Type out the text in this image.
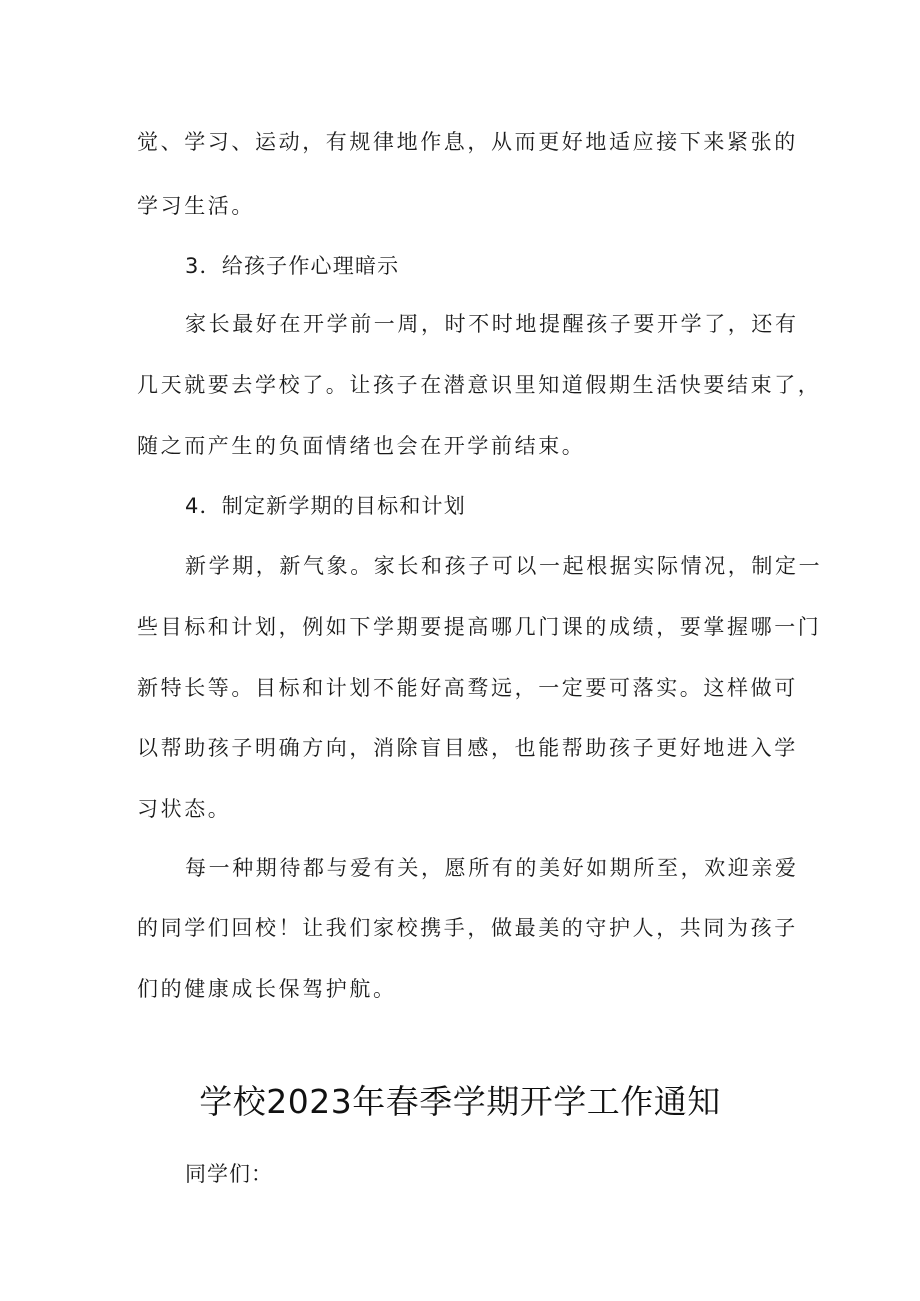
觉、学习、运动，有规律地作息，从而更好地适应接下来紧张的
学习生活。
3．给孩子作心理暗示
家长最好在开学前一周，时不时地提醒孩子要开学了，还有
几天就要去学校了。让孩子在潜意识里知道假期生活快要结束了，
随之而产生的负面情绪也会在开学前结束。
4．制定新学期的目标和计划
新学期，新气象。家长和孩子可以一起根据实际情况，制定一
些目标和计划，例如下学期要提高哪几门课的成绩，要掌握哪一门
新特长等。目标和计划不能好高骛远，一定要可落实。这样做可
以帮助孩子明确方向，消除盲目感，也能帮助孩子更好地进入学
习状态。
每一种期待都与爱有关，愿所有的美好如期所至，欢迎亲爱
的同学们回校！让我们家校携手，做最美的守护人，共同为孩子
们的健康成长保驾护航。
学校2023年春季学期开学工作通知
同学们：
